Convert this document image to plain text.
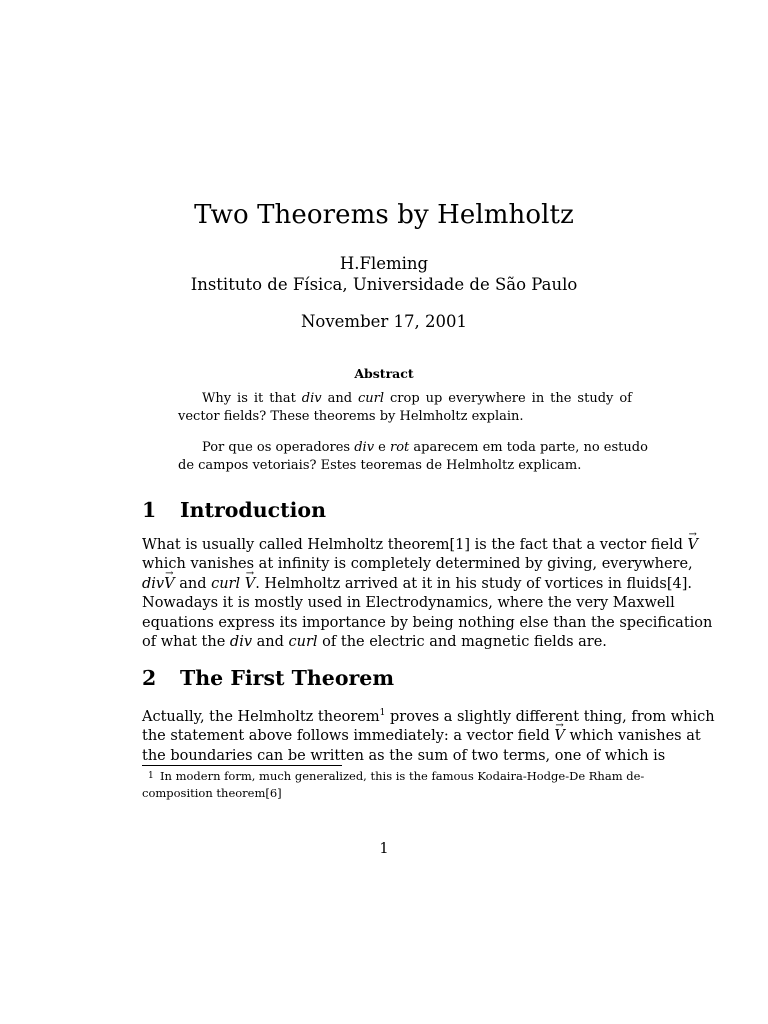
Two Theorems by Helmholtz
H.Fleming
Instituto de Física, Universidade de São Paulo
November 17, 2001
Abstract
Why is it that div and curl crop up everywhere in the study of
vector fields? These theorems by Helmholtz explain.
Por que os operadores div e rot aparecem em toda parte, no estudo
de campos vetoriais? Estes teoremas de Helmholtz explicam.
1 Introduction
What is usually called Helmholtz theorem[1] is the fact that a vector field → V
which vanishes at infinity is completely determined by giving, everywhere,
div→ V and curl → V. Helmholtz arrived at it in his study of vortices in fluids[4].
Nowadays it is mostly used in Electrodynamics, where the very Maxwell
equations express its importance by being nothing else than the specification
of what the div and curl of the electric and magnetic fields are.
2 The First Theorem
Actually, the Helmholtz theorem$^1$ proves a slightly different thing, from which
the statement above follows immediately: a vector field → V which vanishes at
the boundaries can be written as the sum of two terms, one of which is
1 In modern form, much generalized, this is the famous Kodaira-Hodge-De Rham de-
composition theorem[6]
1
